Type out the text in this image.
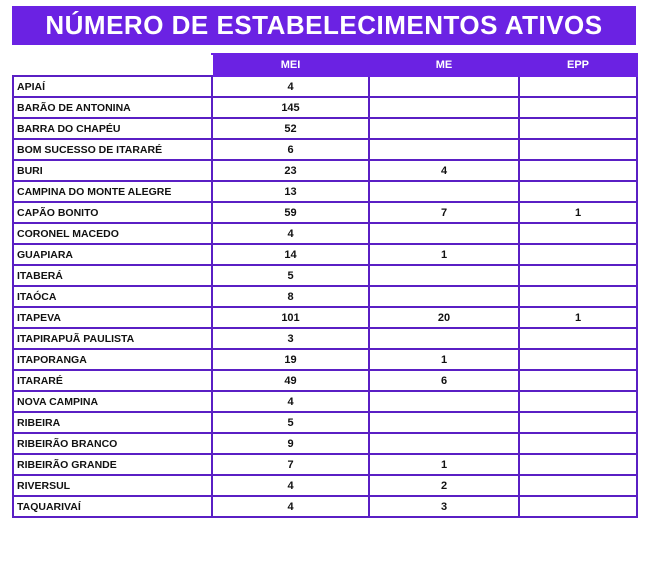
NÚMERO DE ESTABELECIMENTOS ATIVOS
	MEI	ME	EPP
APIAÍ	4		
BARÃO DE ANTONINA	145		
BARRA DO CHAPÉU	52		
BOM SUCESSO DE ITARARÉ	6		
BURI	23	4	
CAMPINA DO MONTE ALEGRE	13		
CAPÃO BONITO	59	7	1
CORONEL MACEDO	4		
GUAPIARA	14	1	
ITABERÁ	5		
ITAÓCA	8		
ITAPEVA	101	20	1
ITAPIRAPUÃ PAULISTA	3		
ITAPORANGA	19	1	
ITARARÉ	49	6	
NOVA CAMPINA	4		
RIBEIRA	5		
RIBEIRÃO BRANCO	9		
RIBEIRÃO GRANDE	7	1	
RIVERSUL	4	2	
TAQUARIVAÍ	4	3	
